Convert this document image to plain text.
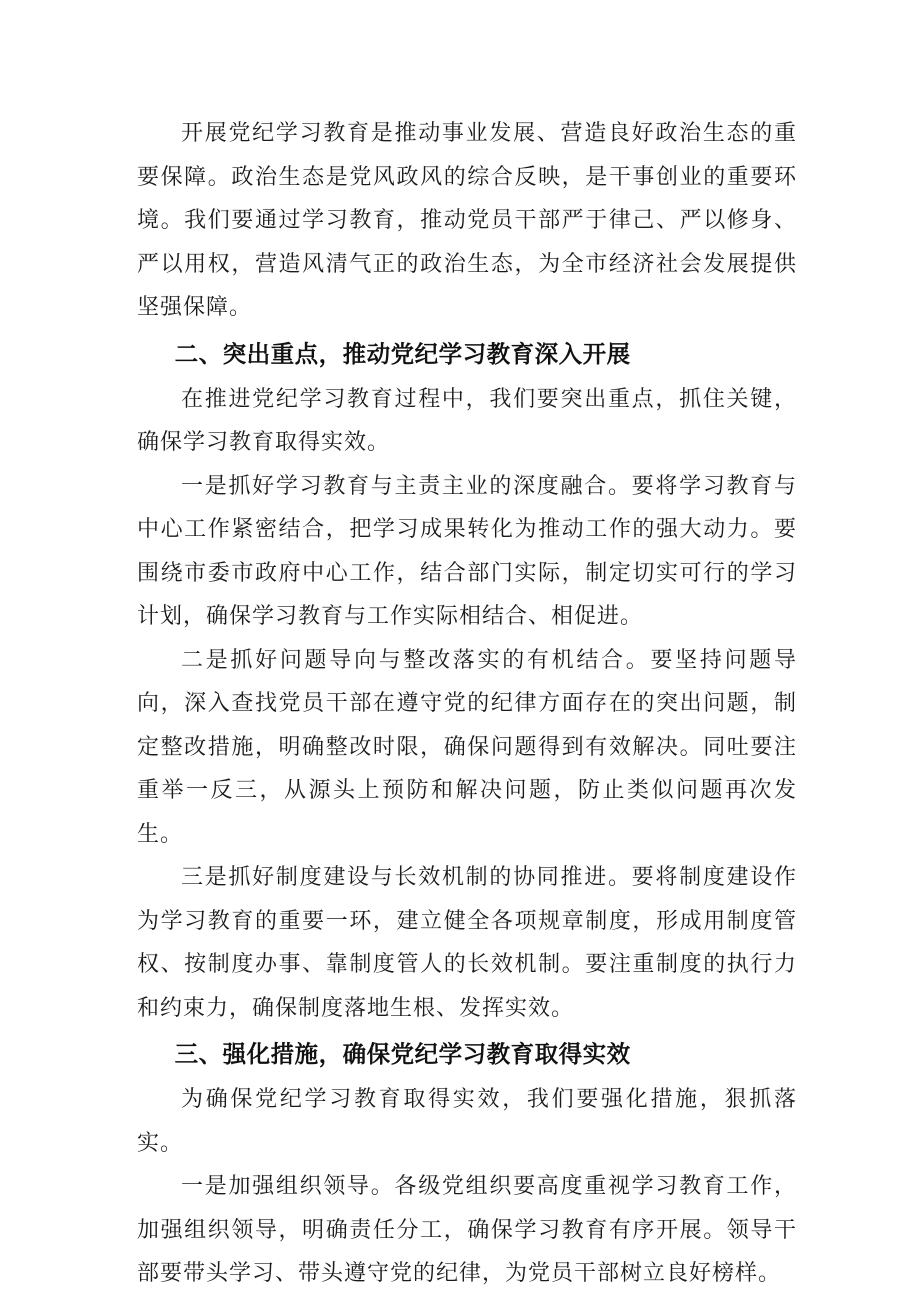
开展党纪学习教育是推动事业发展、营造良好政治生态的重要保障。政治生态是党风政风的综合反映，是干事创业的重要环境。我们要通过学习教育，推动党员干部严于律己、严以修身、严以用权，营造风清气正的政治生态，为全市经济社会发展提供坚强保障。

二、突出重点，推动党纪学习教育深入开展

在推进党纪学习教育过程中，我们要突出重点，抓住关键，确保学习教育取得实效。

一是抓好学习教育与主责主业的深度融合。要将学习教育与中心工作紧密结合，把学习成果转化为推动工作的强大动力。要围绕市委市政府中心工作，结合部门实际，制定切实可行的学习计划，确保学习教育与工作实际相结合、相促进。

二是抓好问题导向与整改落实的有机结合。要坚持问题导向，深入查找党员干部在遵守党的纪律方面存在的突出问题，制定整改措施，明确整改时限，确保问题得到有效解决。同吐要注重举一反三，从源头上预防和解决问题，防止类似问题再次发生。

三是抓好制度建设与长效机制的协同推进。要将制度建设作为学习教育的重要一环，建立健全各项规章制度，形成用制度管权、按制度办事、靠制度管人的长效机制。要注重制度的执行力和约束力，确保制度落地生根、发挥实效。

三、强化措施，确保党纪学习教育取得实效

为确保党纪学习教育取得实效，我们要强化措施，狠抓落实。

一是加强组织领导。各级党组织要高度重视学习教育工作，加强组织领导，明确责任分工，确保学习教育有序开展。领导干部要带头学习、带头遵守党的纪律，为党员干部树立良好榜样。
